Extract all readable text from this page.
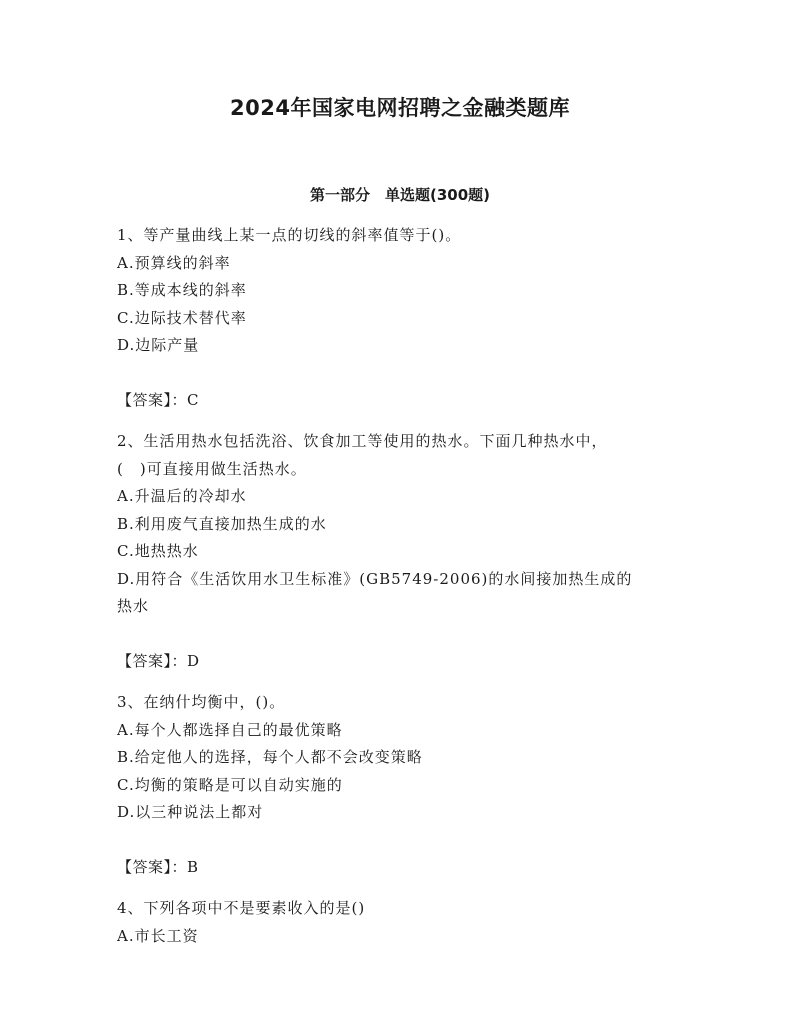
2024年国家电网招聘之金融类题库
第一部分　单选题(300题)
1、等产量曲线上某一点的切线的斜率值等于()。
A.预算线的斜率
B.等成本线的斜率
C.边际技术替代率
D.边际产量
【答案】：C
2、生活用热水包括洗浴、饮食加工等使用的热水。下面几种热水中，
(　)可直接用做生活热水。
A.升温后的冷却水
B.利用废气直接加热生成的水
C.地热热水
D.用符合《生活饮用水卫生标准》(GB5749-2006)的水间接加热生成的
热水
【答案】：D
3、在纳什均衡中，()。
A.每个人都选择自己的最优策略
B.给定他人的选择，每个人都不会改变策略
C.均衡的策略是可以自动实施的
D.以三种说法上都对
【答案】：B
4、下列各项中不是要素收入的是()
A.市长工资
